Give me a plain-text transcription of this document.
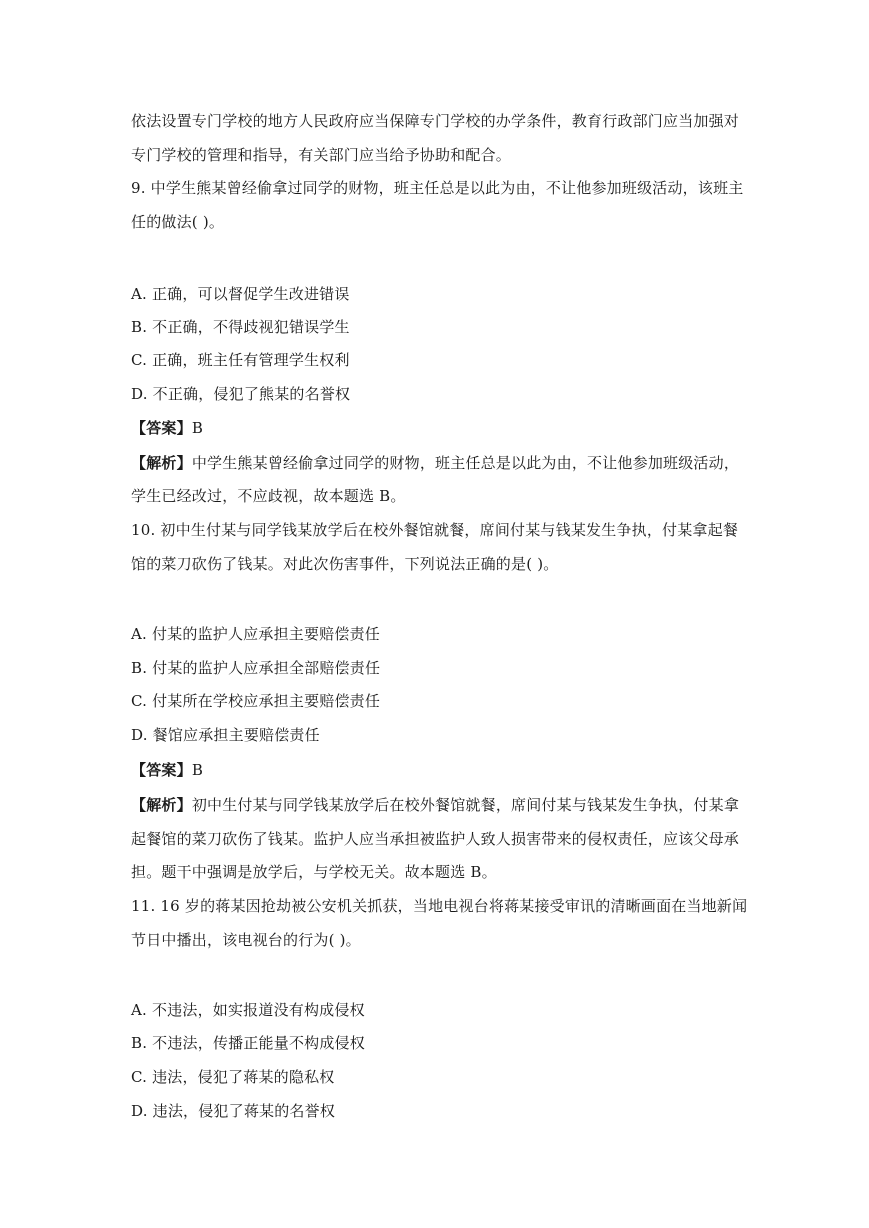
依法设置专门学校的地方人民政府应当保障专门学校的办学条件，教育行政部门应当加强对
专门学校的管理和指导，有关部门应当给予协助和配合。
9. 中学生熊某曾经偷拿过同学的财物，班主任总是以此为由，不让他参加班级活动，该班主
任的做法( )。
A. 正确，可以督促学生改进错误
B. 不正确，不得歧视犯错误学生
C. 正确，班主任有管理学生权利
D. 不正确，侵犯了熊某的名誉权
【答案】B
【解析】中学生熊某曾经偷拿过同学的财物，班主任总是以此为由，不让他参加班级活动，
学生已经改过，不应歧视，故本题选 B。
10. 初中生付某与同学钱某放学后在校外餐馆就餐，席间付某与钱某发生争执，付某拿起餐
馆的菜刀砍伤了钱某。对此次伤害事件，下列说法正确的是( )。
A. 付某的监护人应承担主要赔偿责任
B. 付某的监护人应承担全部赔偿责任
C. 付某所在学校应承担主要赔偿责任
D. 餐馆应承担主要赔偿责任
【答案】B
【解析】初中生付某与同学钱某放学后在校外餐馆就餐，席间付某与钱某发生争执，付某拿
起餐馆的菜刀砍伤了钱某。监护人应当承担被监护人致人损害带来的侵权责任，应该父母承
担。题干中强调是放学后，与学校无关。故本题选 B。
11. 16 岁的蒋某因抢劫被公安机关抓获，当地电视台将蒋某接受审讯的清晰画面在当地新闻
节日中播出，该电视台的行为( )。
A. 不违法，如实报道没有构成侵权
B. 不违法，传播正能量不构成侵权
C. 违法，侵犯了蒋某的隐私权
D. 违法，侵犯了蒋某的名誉权
